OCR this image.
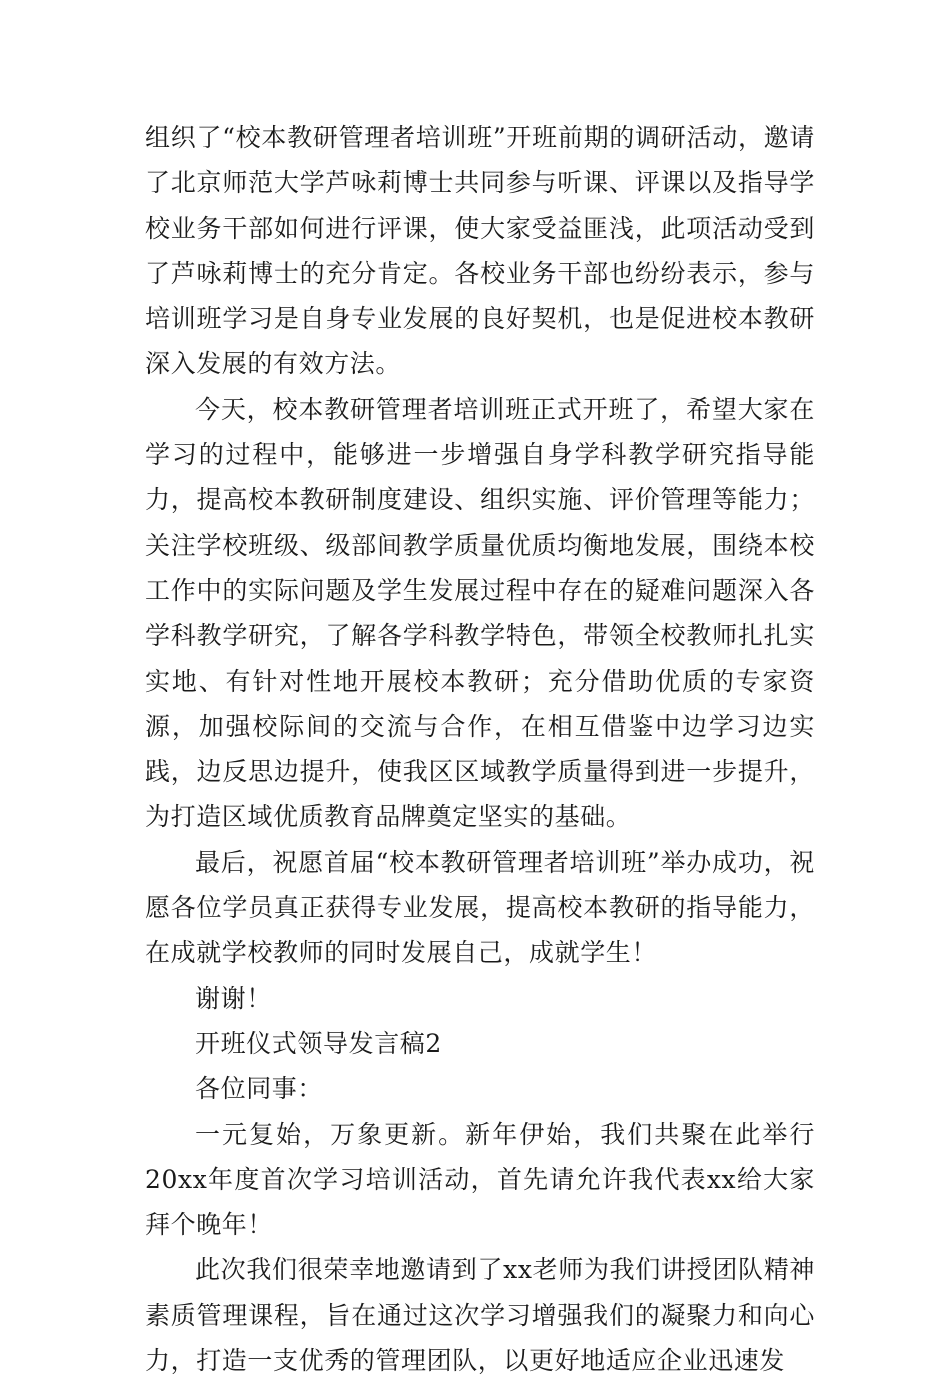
组织了“校本教研管理者培训班”开班前期的调研活动，邀请了北京师范大学芦咏莉博士共同参与听课、评课以及指导学校业务干部如何进行评课，使大家受益匪浅，此项活动受到了芦咏莉博士的充分肯定。各校业务干部也纷纷表示，参与培训班学习是自身专业发展的良好契机，也是促进校本教研深入发展的有效方法。

今天，校本教研管理者培训班正式开班了，希望大家在学习的过程中，能够进一步增强自身学科教学研究指导能力，提高校本教研制度建设、组织实施、评价管理等能力；关注学校班级、级部间教学质量优质均衡地发展，围绕本校工作中的实际问题及学生发展过程中存在的疑难问题深入各学科教学研究，了解各学科教学特色，带领全校教师扎扎实实地、有针对性地开展校本教研；充分借助优质的专家资源，加强校际间的交流与合作，在相互借鉴中边学习边实践，边反思边提升，使我区区域教学质量得到进一步提升，为打造区域优质教育品牌奠定坚实的基础。

最后，祝愿首届“校本教研管理者培训班”举办成功，祝愿各位学员真正获得专业发展，提高校本教研的指导能力，在成就学校教师的同时发展自己，成就学生！

谢谢！

开班仪式领导发言稿2

各位同事：

一元复始，万象更新。新年伊始，我们共聚在此举行20xx年度首次学习培训活动，首先请允许我代表xx给大家拜个晚年！

此次我们很荣幸地邀请到了xx老师为我们讲授团队精神素质管理课程，旨在通过这次学习增强我们的凝聚力和向心力，打造一支优秀的管理团队，以更好地适应企业迅速发
